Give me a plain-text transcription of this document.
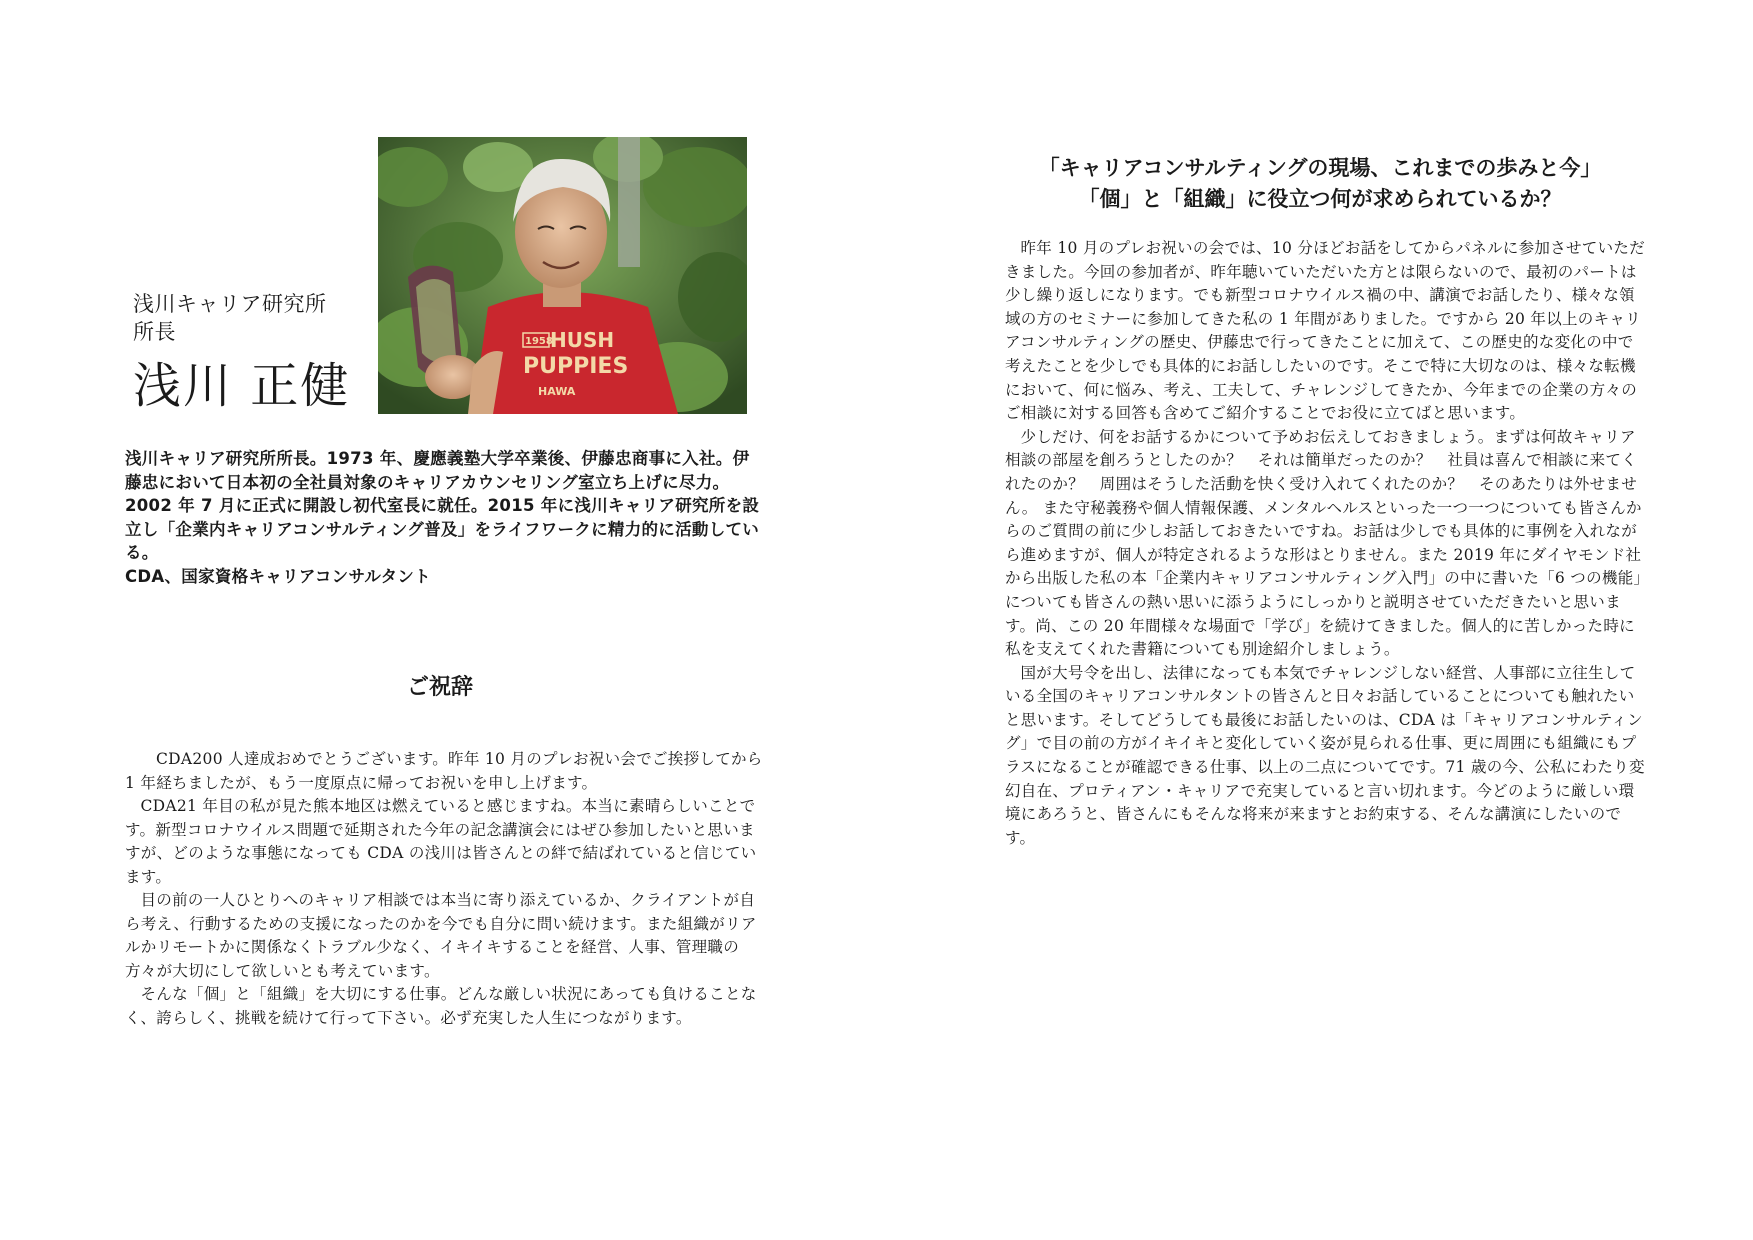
1958
HUSH
PUPPIES
HAWA
浅川キャリア研究所
所長
浅川 正健

浅川キャリア研究所所長。1973 年、慶應義塾大学卒業後、伊藤忠商事に入社。伊藤忠において日本初の全社員対象のキャリアカウンセリング室立ち上げに尽力。2002 年 7 月に正式に開設し初代室長に就任。2015 年に浅川キャリア研究所を設立し「企業内キャリアコンサルティング普及」をライフワークに精力的に活動している。

CDA、国家資格キャリアコンサルタント

ご祝辞

CDA200 人達成おめでとうございます。昨年 10 月のプレお祝い会でご挨拶してから 1 年経ちましたが、もう一度原点に帰ってお祝いを申し上げます。

CDA21 年目の私が見た熊本地区は燃えていると感じますね。本当に素晴らしいことです。新型コロナウイルス問題で延期された今年の記念講演会にはぜひ参加したいと思いますが、どのような事態になっても CDA の浅川は皆さんとの絆で結ばれていると信じています。

目の前の一人ひとりへのキャリア相談では本当に寄り添えているか、クライアントが自ら考え、行動するための支援になったのかを今でも自分に問い続けます。また組織がリアルかリモートかに関係なくトラブル少なく、イキイキすることを経営、人事、管理職の方々が大切にして欲しいとも考えています。

そんな「個」と「組織」を大切にする仕事。どんな厳しい状況にあっても負けることなく、誇らしく、挑戦を続けて行って下さい。必ず充実した人生につながります。

「キャリアコンサルティングの現場、これまでの歩みと今」
「個」と「組織」に役立つ何が求められているか？

昨年 10 月のプレお祝いの会では、10 分ほどお話をしてからパネルに参加させていただきました。今回の参加者が、昨年聴いていただいた方とは限らないので、最初のパートは少し繰り返しになります。でも新型コロナウイルス禍の中、講演でお話したり、様々な領域の方のセミナーに参加してきた私の 1 年間がありました。ですから 20 年以上のキャリアコンサルティングの歴史、伊藤忠で行ってきたことに加えて、この歴史的な変化の中で考えたことを少しでも具体的にお話ししたいのです。そこで特に大切なのは、様々な転機において、何に悩み、考え、工夫して、チャレンジしてきたか、今年までの企業の方々のご相談に対する回答も含めてご紹介することでお役に立てばと思います。

少しだけ、何をお話するかについて予めお伝えしておきましょう。まずは何故キャリア相談の部屋を創ろうとしたのか？　それは簡単だったのか？　社員は喜んで相談に来てくれたのか？　周囲はそうした活動を快く受け入れてくれたのか？　そのあたりは外せません。 また守秘義務や個人情報保護、メンタルヘルスといった一つ一つについても皆さんからのご質問の前に少しお話しておきたいですね。お話は少しでも具体的に事例を入れながら進めますが、個人が特定されるような形はとりません。また 2019 年にダイヤモンド社から出版した私の本「企業内キャリアコンサルティング入門」の中に書いた「6 つの機能」についても皆さんの熱い思いに添うようにしっかりと説明させていただきたいと思います。尚、この 20 年間様々な場面で「学び」を続けてきました。個人的に苦しかった時に私を支えてくれた書籍についても別途紹介しましょう。

国が大号令を出し、法律になっても本気でチャレンジしない経営、人事部に立往生している全国のキャリアコンサルタントの皆さんと日々お話していることについても触れたいと思います。そしてどうしても最後にお話したいのは、CDA は「キャリアコンサルティング」で目の前の方がイキイキと変化していく姿が見られる仕事、更に周囲にも組織にもプラスになることが確認できる仕事、以上の二点についてです。71 歳の今、公私にわたり変幻自在、プロティアン・キャリアで充実していると言い切れます。今どのように厳しい環境にあろうと、皆さんにもそんな将来が来ますとお約束する、そんな講演にしたいのです。
